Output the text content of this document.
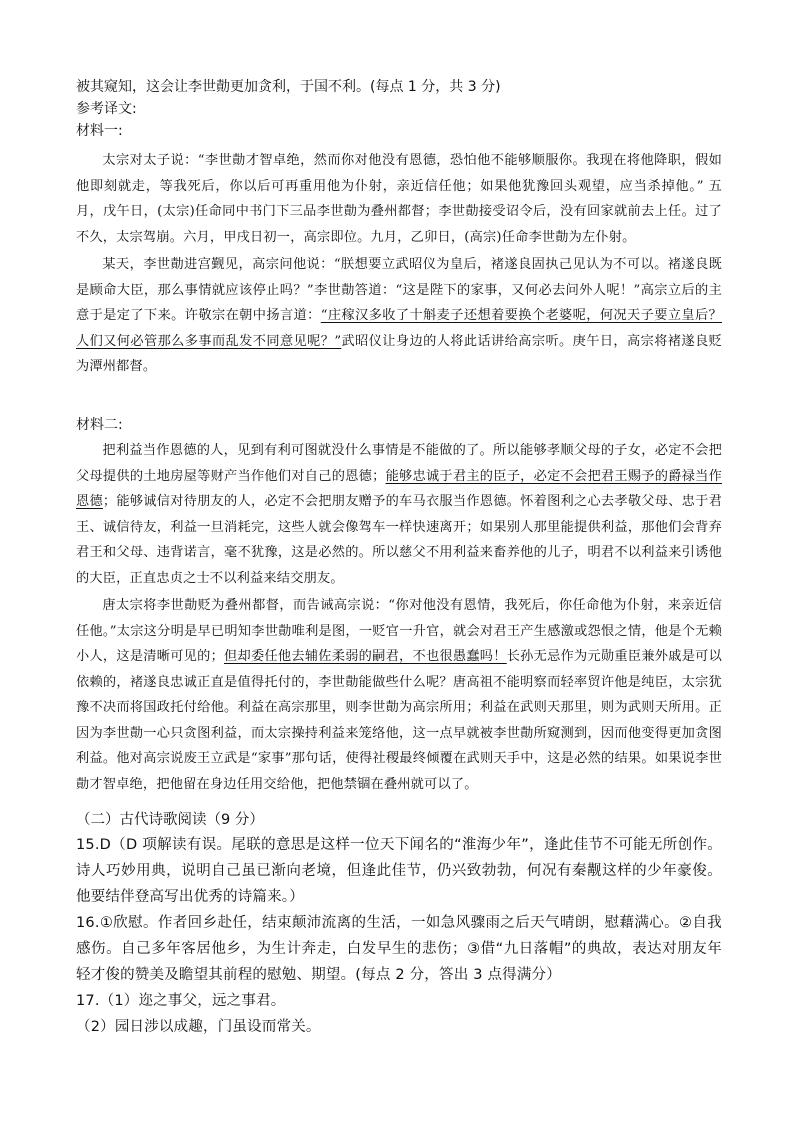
被其窥知，这会让李世勣更加贪利，于国不利。(每点 1 分，共 3 分)

参考译文:

材料一:

太宗对太子说：“李世勣才智卓绝，然而你对他没有恩德，恐怕他不能够顺服你。我现在将他降职，假如他即刻就走，等我死后，你以后可再重用他为仆射，亲近信任他；如果他犹豫回头观望，应当杀掉他。” 五月，戊午日，(太宗)任命同中书门下三品李世勣为叠州都督；李世勣接受诏令后，没有回家就前去上任。过了不久，太宗驾崩。六月，甲戌日初一，高宗即位。九月，乙卯日，(高宗)任命李世勣为左仆射。

某天，李世勣进宫觐见，高宗问他说：“朕想要立武昭仪为皇后，褚遂良固执己见认为不可以。褚遂良既是顾命大臣，那么事情就应该停止吗？”李世勣答道：“这是陛下的家事，又何必去问外人呢！”高宗立后的主意于是定了下来。许敬宗在朝中扬言道：“庄稼汉多收了十斛麦子还想着要换个老婆呢，何况天子要立皇后？人们又何必管那么多事而乱发不同意见呢？”武昭仪让身边的人将此话讲给高宗听。庚午日，高宗将褚遂良贬为潭州都督。

材料二:

把利益当作恩德的人，见到有利可图就没什么事情是不能做的了。所以能够孝顺父母的子女，必定不会把父母提供的土地房屋等财产当作他们对自己的恩德；能够忠诚于君主的臣子，必定不会把君王赐予的爵禄当作恩德；能够诚信对待朋友的人，必定不会把朋友赠予的车马衣服当作恩德。怀着图利之心去孝敬父母、忠于君王、诚信待友，利益一旦消耗完，这些人就会像驾车一样快速离开；如果别人那里能提供利益，那他们会背弃君王和父母、违背诺言，毫不犹豫，这是必然的。所以慈父不用利益来畜养他的儿子，明君不以利益来引诱他的大臣，正直忠贞之士不以利益来结交朋友。

唐太宗将李世勣贬为叠州都督，而告诫高宗说：“你对他没有恩情，我死后，你任命他为仆射，来亲近信任他。”太宗这分明是早已明知李世勣唯利是图，一贬官一升官，就会对君王产生感激或怨恨之情，他是个无赖小人，这是清晰可见的；但却委任他去辅佐柔弱的嗣君，不也很愚蠢吗！长孙无忌作为元勋重臣兼外戚是可以依赖的，褚遂良忠诚正直是值得托付的，李世勣能做些什么呢？唐高祖不能明察而轻率贸许他是纯臣，太宗犹豫不决而将国政托付给他。利益在高宗那里，则李世勣为高宗所用；利益在武则天那里，则为武则天所用。正因为李世勣一心只贪图利益，而太宗操持利益来笼络他，这一点早就被李世勣所窥测到，因而他变得更加贪图利益。他对高宗说废王立武是“家事”那句话，使得社稷最终倾覆在武则天手中，这是必然的结果。如果说李世勣才智卓绝，把他留在身边任用交给他，把他禁锢在叠州就可以了。

（二）古代诗歌阅读（9 分）

15.D（D 项解读有误。尾联的意思是这样一位天下闻名的“淮海少年”，逢此佳节不可能无所创作。诗人巧妙用典，说明自己虽已渐向老境，但逢此佳节，仍兴致勃勃，何况有秦觏这样的少年豪俊。他要结伴登高写出优秀的诗篇来。）

16.①欣慰。作者回乡赴任，结束颠沛流离的生活，一如急风骤雨之后天气晴朗，慰藉满心。②自我感伤。自己多年客居他乡，为生计奔走，白发早生的悲伤；③借“九日落帽”的典故，表达对朋友年轻才俊的赞美及瞻望其前程的慰勉、期望。(每点 2 分，答出 3 点得满分）

17.（1）迩之事父，远之事君。

（2）园日涉以成趣，门虽设而常关。
